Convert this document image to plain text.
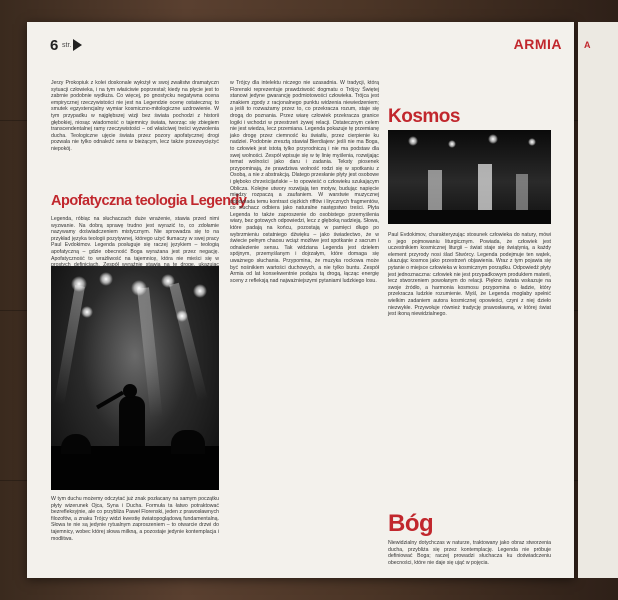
6 str.	ARMIA

Jerzy Prokopiuk z kolei doskonale wyłożył w swoj zwałistw dramatyczn sytuacji człowieka, i na tym właściwie poprzestał; kiedy na płycie jest to zabrnie podobnie wydłuża. Co więcej, po gnostycku negatywna ocena empirycznej rzeczywistości nie jest na Legendzie ocenę ostateczną; to smutek egzystencjalny wymiar kosmiczno-mitologiczne uzdrowienie. W tym przypadku w najgłębszej wizji bez świata pochodzi z historii głębokiej, niosąc wiadomość o tajemnicy świata, tworząc się zbiegiem transcendentalnej ramy rzeczywistości – od właściwej treści wyzwolenia ducha. Teologiczne ujęcie świata przez pozory apofatycznej drogi pozwala nie tylko odnaleźć sens w bieżącym, lecz także przezwyciężyć niepokój.

Apofatyczna teologia Legendy

Legenda, róbiąc na słuchaczach duże wrażenie, stawia przed nimi wyzwanie. Na dobrą sprawę trudno jest wyrazić to, co zdołamie nazywamy doświadczeniem mistycznym. Nie sprowadza się to na przykład języka teologii pozytywnej, którego użyć tłumaczy w swej pracy Paul Evdokimov. Legenda posługuje się raczej językiem – teologią apofatyczną – gdzie obecność Boga wyrażana jest przez negację. Apofatyczność to wrażliwość na tajemnicę, która nie mieści się w

W tym duchu możemy odczytać już znak pozłacany na samym początku płyty wizerunek Ojca, Syna i Ducha. Formuła ta łatwo potraktować bezrefleksyjnie, ale co przybliża Paweł Florenski, jeden z prawosławnych filozofów, a znaku Trójcy widzi kwestię światopoglądową fundamentalną. Słowa te nie są jedynie rytualnym zaproszeniem – to otwarcie drzwi do tajemnicy, wobec której słowa milkną, a pozostaje jedynie kontemplacja i modlitwa.

w Trójcy dla intelektu niczego nie uzasadnia. W tradycji, którą Florenski reprezentuje prawdziwość dogmatu o Trójcy Świętej stanowi jedyne gwarancję podmiotowości człowieka. Trójca jest znakiem zgody z racjonalnego punktu widzenia niewiedzeniem; a jeśli to rozważamy przez to, co przekracza rozum, staje się drogą do poznania. Przez wiarę człowiek przekracza granice logiki i wchodzi w przestrzeń żywej relacji. Ostatecznym celem nie jest wiedza, lecz przemiana. Legenda pokazuje tę przemianę jako drogę przez ciemność ku światłu, przez cierpienie ku nadziei. Podobnie zresztą stawiał Bierdiajew: jeśli nie ma Boga, to człowiek jest istotą tylko przyrodniczą i nie ma podstaw dla swej wolności. Zespół wpisuje się w tę linię myślenia, rozwijając temat wolności jako daru i zadania. Teksty piosenek przypominają, że prawdziwa wolność rodzi się w spotkaniu z Osobą, a nie z abstrakcją. Dlatego przesłanie płyty jest osobowe i głęboko chrześcijańskie – to opowieść o człowieku szukającym Oblicza. Kolejne utwory rozwijają ten motyw, budując napięcie między rozpaczą a zaufaniem. W warstwie muzycznej odpowiada temu kontrast ciężkich riffów i lirycznych fragmentów, co słuchacz odbiera jako naturalne następstwo treści. Płyta Legenda to także zaproszenie do osobistego przemyślenia wiary, bez gotowych odpowiedzi, lecz z głęboką nadzieją. Słowa, które padają na końcu, pozostają w pamięci długo po wybrzmieniu ostatniego dźwięku – jako świadectwo, że w świecie pełnym chaosu wciąż możliwe jest spotkanie z sacrum i odnalezienie sensu. Tak widziana Legenda jest dziełem spójnym, przemyślanym i dojrzałym, które domaga się uważnego słuchania. Przypomina, że muzyka rockowa może być nośnikiem wartości duchowych, a nie tylko buntu. Zespół Armia od lat konsekwentnie podąża tą drogą, łącząc energię sceny z refleksją nad najważniejszymi pytaniami ludzkiego losu.

Kosmos

Paul Evdokimov, charakteryzując stosunek człowieka do natury, mówi o jego pojmowaniu liturgicznym. Powiada, że człowiek jest uczestnikiem kosmicznej liturgii – świat staje się świątynią, a każdy element przyrody nosi ślad Stwórcy. Legenda podejmuje ten wątek, ukazując kosmos jako przestrzeń objawienia. Wraz z tym pojawia się pytanie o miejsce człowieka w kosmicznym porządku. Odpowiedź płyty jest jednoznaczna: człowiek nie jest przypadkowym produktem materii, lecz stworzeniem powołanym do relacji. Piękno świata wskazuje na swoje źródło, a harmonia kosmosu przypomina o ładzie, który przekracza ludzkie rozumienie. Myśl, że Legenda mogłaby spełnić wielkim zadaniem autora kosmicznej opowieści, czyni z niej dzieło niezwykłe. Przywołuje również tradycję prawosławną, w której świat jest ikoną niewidzialnego.

Bóg

Niewidzialny dotychczas w naturze, traktowany jako obraz stworzenia ducha, przybliża się przez kontemplację. Legenda nie próbuje definiować Boga; raczej prowadzi słuchacza ku doświadczeniu obecności, które nie daje się ująć w pojęcia.

A
